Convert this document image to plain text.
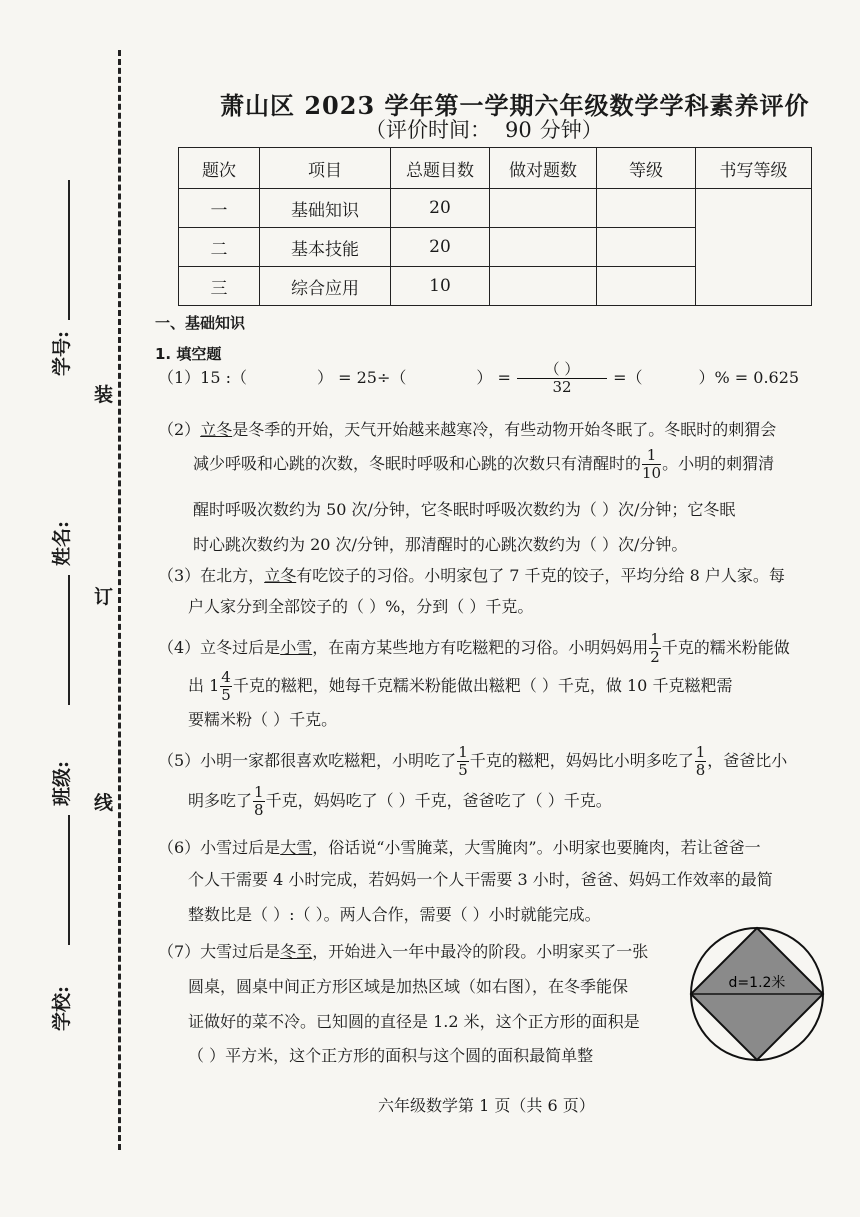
装
订
线
学号:
姓名:
班级:
学校:
萧山区 2023 学年第一学期六年级数学学科素养评价
（评价时间： 90 分钟）
题次	项目	总题目数	做对题数	等级	书写等级
一	基础知识	20			
二	基本技能	20			
三	综合应用	10			
一、基础知识
1. 填空题
（1）15 :（	） = 25÷（	） = $\frac{( )}{32}$ =（	）% = 0.625
（2）立冬是冬季的开始，天气开始越来越寒冷，有些动物开始冬眠了。冬眠时的刺猬会
减少呼吸和心跳的次数，冬眠时呼吸和心跳的次数只有清醒时的 $\frac{1}{10}$ 。小明的刺猬清
醒时呼吸次数约为 50 次/分钟，它冬眠时呼吸次数约为（ ）次/分钟；它冬眠
时心跳次数约为 20 次/分钟，那清醒时的心跳次数约为（ ）次/分钟。
（3）在北方，立冬有吃饺子的习俗。小明家包了 7 千克的饺子，平均分给 8 户人家。每
户人家分到全部饺子的（ ）%，分到（ ）千克。
（4）立冬过后是小雪，在南方某些地方有吃糍粑的习俗。小明妈妈用 $\frac{1}{2}$ 千克的糯米粉能做
出 $1 \frac{4}{5}$ 千克的糍粑，她每千克糯米粉能做出糍粑（ ）千克，做 10 千克糍粑需
要糯米粉（ ）千克。
（5）小明一家都很喜欢吃糍粑，小明吃了 $\frac{1}{5}$ 千克的糍粑，妈妈比小明多吃了 $\frac{1}{8}$ ，爸爸比小
明多吃了 $\frac{1}{8}$ 千克，妈妈吃了（ ）千克，爸爸吃了（ ）千克。
（6）小雪过后是大雪，俗话说“小雪腌菜，大雪腌肉”。小明家也要腌肉，若让爸爸一
个人干需要 4 小时完成，若妈妈一个人干需要 3 小时，爸爸、妈妈工作效率的最简
整数比是（ ）:（ ）。两人合作，需要（ ）小时就能完成。
（7）大雪过后是冬至，开始进入一年中最冷的阶段。小明家买了一张
圆桌，圆桌中间正方形区域是加热区域（如右图），在冬季能保
证做好的菜不冷。已知圆的直径是 1.2 米，这个正方形的面积是
（ ）平方米，这个正方形的面积与这个圆的面积最简单整
d=1.2米
六年级数学第 1 页（共 6 页）
